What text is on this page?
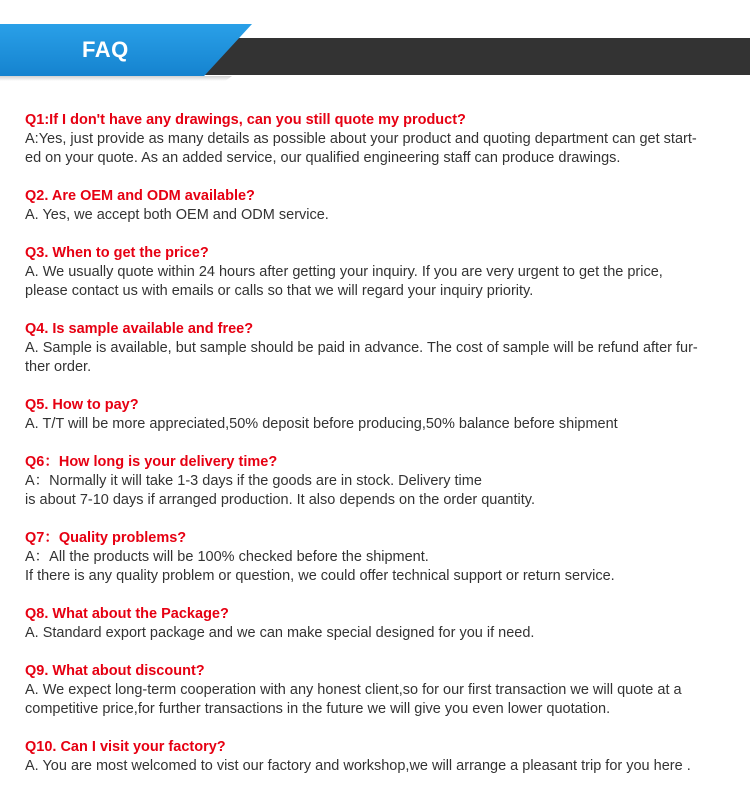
FAQ
Q1:If I don't have any drawings, can you still quote my product?
A:Yes, just provide as many details as possible about your product and quoting department can get start-
ed on your quote. As an added service, our qualified engineering staff can produce drawings.
Q2. Are OEM and ODM available?
A. Yes, we accept both OEM and ODM service.
Q3. When to get the price?
A. We usually quote within 24 hours after getting your inquiry. If you are very urgent to get the price,
please contact us with emails or calls so that we will regard your inquiry priority.
Q4. Is sample available and free?
A. Sample is available, but sample should be paid in advance. The cost of sample will be refund after fur-
ther order.
Q5. How to pay?
A. T/T will be more appreciated,50% deposit before producing,50% balance before shipment
Q6：How long is your delivery time?
A：Normally it will take 1-3 days if the goods are in stock. Delivery time
is about 7-10 days if arranged production. It also depends on the order quantity.
Q7：Quality problems?
A：All the products will be 100% checked before the shipment.
If there is any quality problem or question, we could offer technical support or return service.
Q8. What about the Package?
A. Standard export package and we can make special designed for you if need.
Q9. What about discount?
A. We expect long-term cooperation with any honest client,so for our first transaction we will quote at a
competitive price,for further transactions in the future we will give you even lower quotation.
Q10. Can I visit your factory?
A. You are most welcomed to vist our factory and workshop,we will arrange a pleasant trip for you here .
